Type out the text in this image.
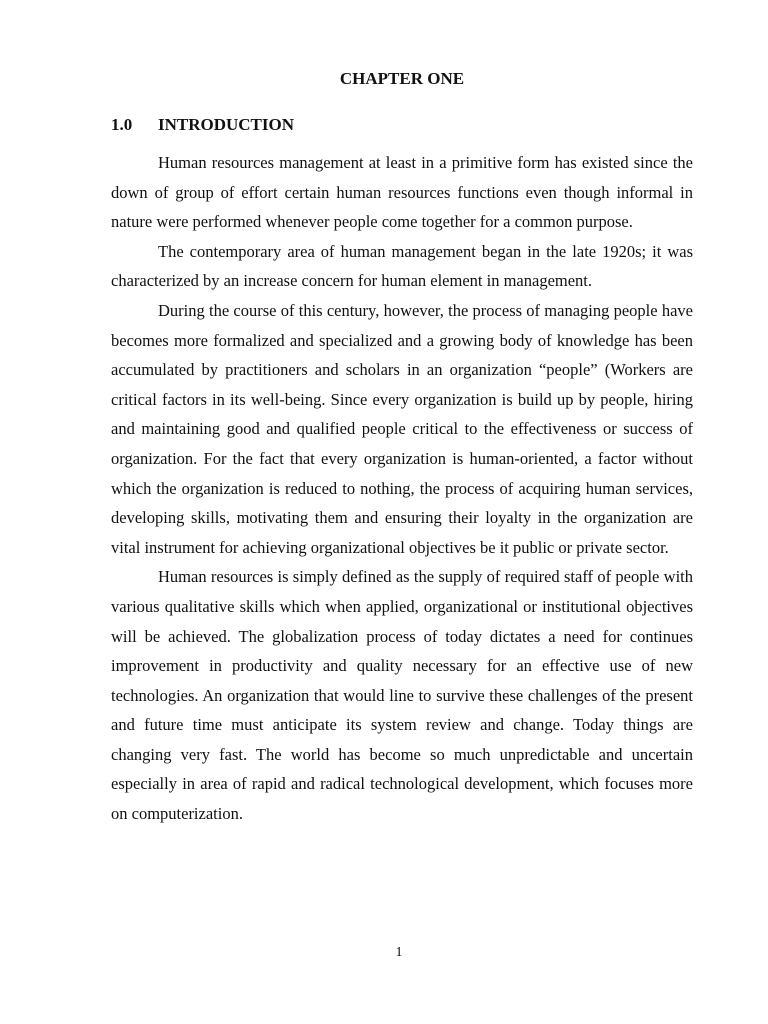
CHAPTER ONE
1.0 INTRODUCTION

Human resources management at least in a primitive form has existed since the down of group of effort certain human resources functions even though informal in nature were performed whenever people come together for a common purpose.

The contemporary area of human management began in the late 1920s; it was characterized by an increase concern for human element in management.

During the course of this century, however, the process of managing people have becomes more formalized and specialized and a growing body of knowledge has been accumulated by practitioners and scholars in an organization “people” (Workers are critical factors in its well-being. Since every organization is build up by people, hiring and maintaining good and qualified people critical to the effectiveness or success of organization. For the fact that every organization is human-oriented, a factor without which the organization is reduced to nothing, the process of acquiring human services, developing skills, motivating them and ensuring their loyalty in the organization are vital instrument for achieving organizational objectives be it public or private sector.

Human resources is simply defined as the supply of required staff of people with various qualitative skills which when applied, organizational or institutional objectives will be achieved. The globalization process of today dictates a need for continues improvement in productivity and quality necessary for an effective use of new technologies. An organization that would line to survive these challenges of the present and future time must anticipate its system review and change. Today things are changing very fast. The world has become so much unpredictable and uncertain especially in area of rapid and radical technological development, which focuses more on computerization.

1
